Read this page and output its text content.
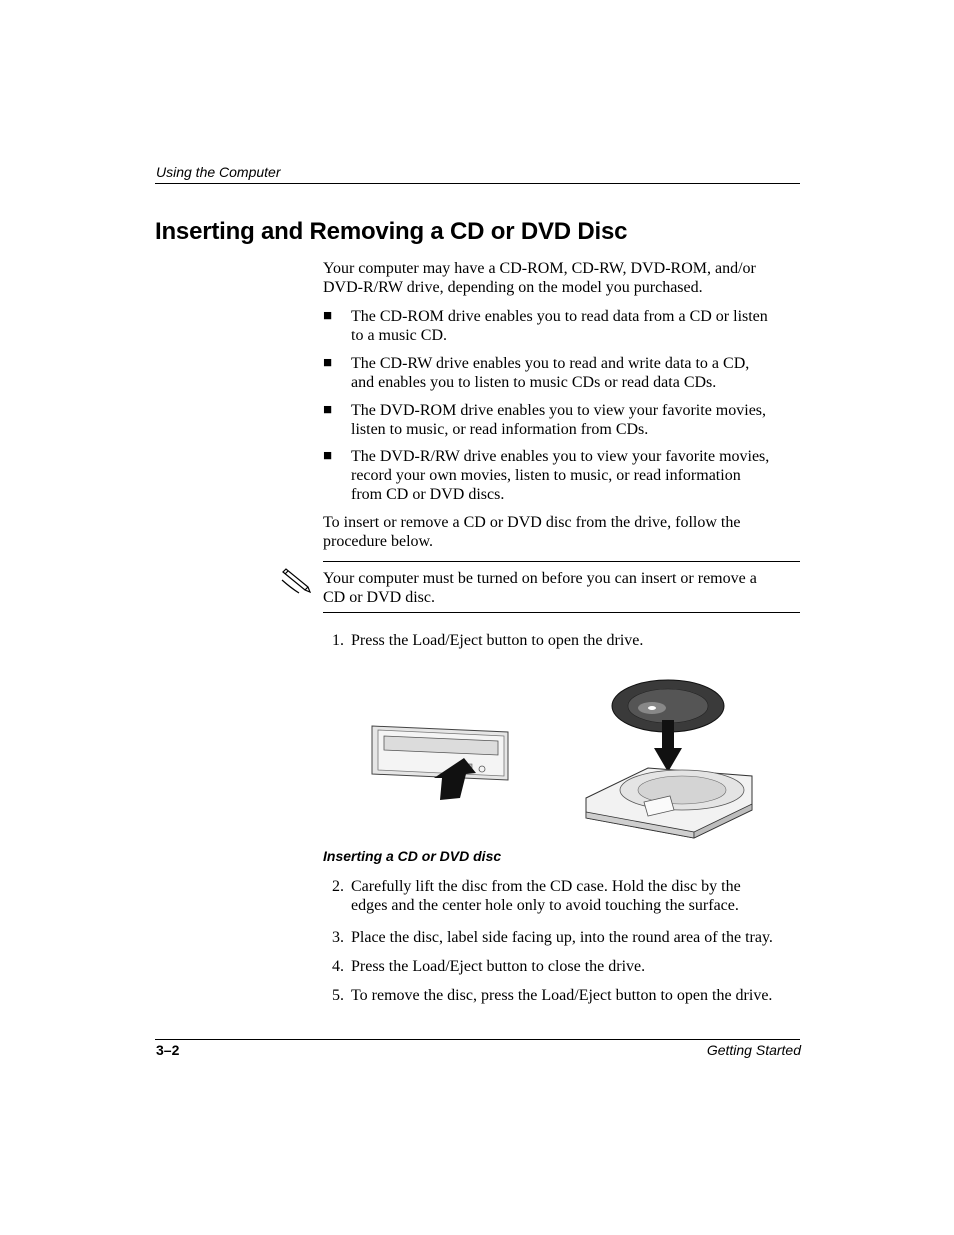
Using the Computer
Inserting and Removing a CD or DVD Disc
Your computer may have a CD-ROM, CD-RW, DVD-ROM, and/or
DVD-R/RW drive, depending on the model you purchased.
■ The CD-ROM drive enables you to read data from a CD or listen
to a music CD.
■ The CD-RW drive enables you to read and write data to a CD,
and enables you to listen to music CDs or read data CDs.
■ The DVD-ROM drive enables you to view your favorite movies,
listen to music, or read information from CDs.
■ The DVD-R/RW drive enables you to view your favorite movies,
record your own movies, listen to music, or read information
from CD or DVD discs.
To insert or remove a CD or DVD disc from the drive, follow the
procedure below.
Your computer must be turned on before you can insert or remove a
CD or DVD disc.
1. Press the Load/Eject button to open the drive.
Inserting a CD or DVD disc
2. Carefully lift the disc from the CD case. Hold the disc by the
edges and the center hole only to avoid touching the surface.
3. Place the disc, label side facing up, into the round area of the tray.
4. Press the Load/Eject button to close the drive.
5. To remove the disc, press the Load/Eject button to open the drive.
3–2	Getting Started
